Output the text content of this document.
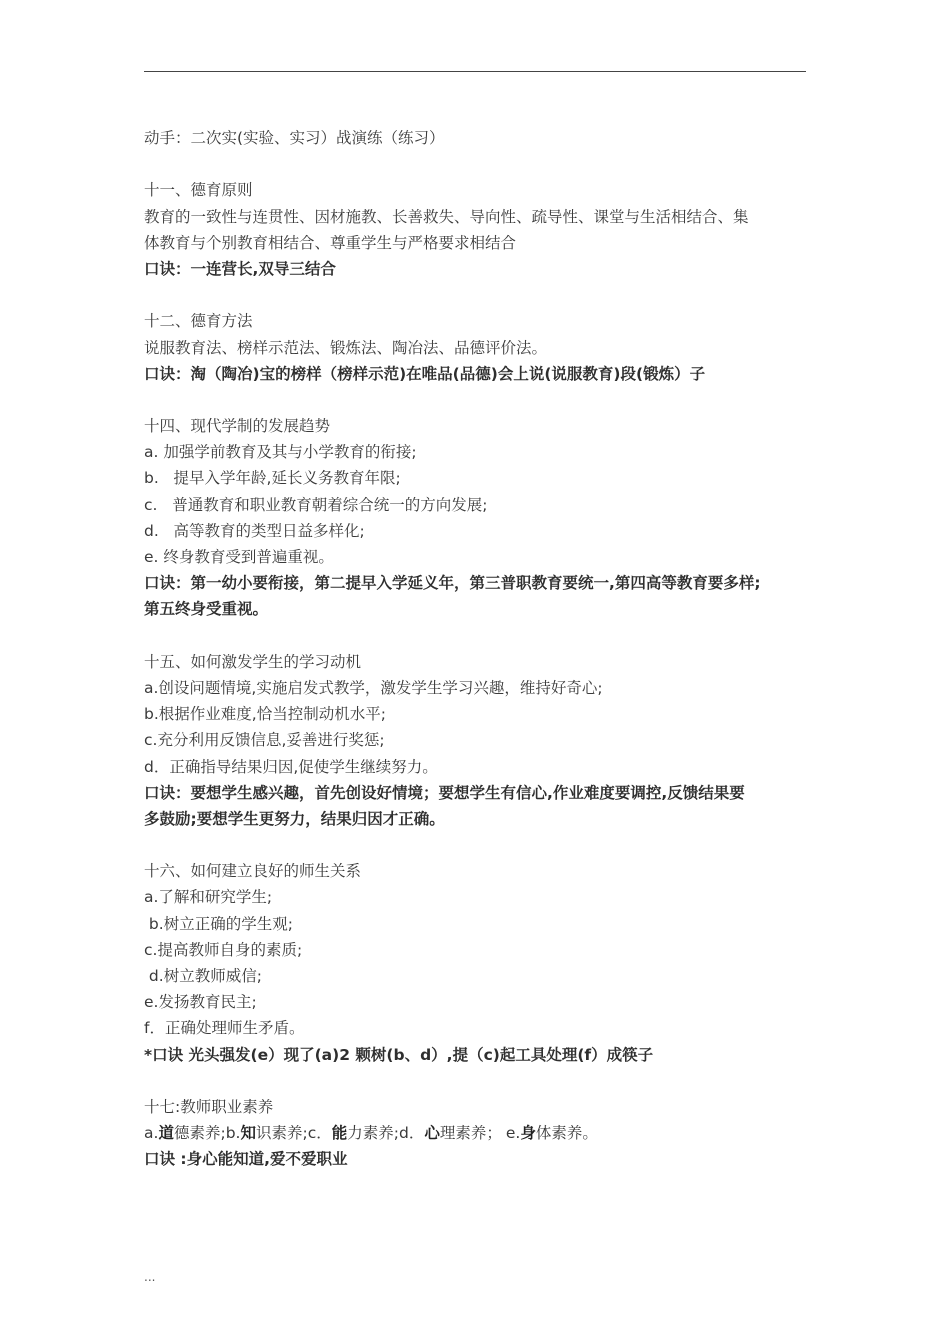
动手：二次实(实验、实习）战演练（练习）
十一、德育原则
教育的一致性与连贯性、因材施教、长善救失、导向性、疏导性、课堂与生活相结合、集
体教育与个别教育相结合、尊重学生与严格要求相结合
口诀：一连营长,双导三结合
十二、德育方法
说服教育法、榜样示范法、锻炼法、陶冶法、品德评价法。
口诀：淘（陶冶)宝的榜样（榜样示范)在唯品(品德)会上说(说服教育)段(锻炼）子
十四、现代学制的发展趋势
a. 加强学前教育及其与小学教育的衔接;
b.   提早入学年龄,延长义务教育年限;
c.   普通教育和职业教育朝着综合统一的方向发展;
d.   高等教育的类型日益多样化;
e. 终身教育受到普遍重视。
口诀：第一幼小要衔接，第二提早入学延义年，第三普职教育要统一,第四高等教育要多样;
第五终身受重视。
十五、如何激发学生的学习动机
a.创设问题情境,实施启发式教学，激发学生学习兴趣，维持好奇心;
b.根据作业难度,恰当控制动机水平;
c.充分利用反馈信息,妥善进行奖惩;
d．正确指导结果归因,促使学生继续努力。
口诀：要想学生感兴趣，首先创设好情境；要想学生有信心,作业难度要调控,反馈结果要
多鼓励;要想学生更努力，结果归因才正确。
十六、如何建立良好的师生关系
a.了解和研究学生;
b.树立正确的学生观;
c.提高教师自身的素质;
d.树立教师威信;
e.发扬教育民主;
f．正确处理师生矛盾。
*口诀 光头强发(e）现了(a)2 颗树(b、d）,提（c)起工具处理(f）成筷子
十七:教师职业素养
a.道德素养;b.知识素养;c．能力素养;d．心理素养； e.身体素养。
口诀 :身心能知道,爱不爱职业
...
